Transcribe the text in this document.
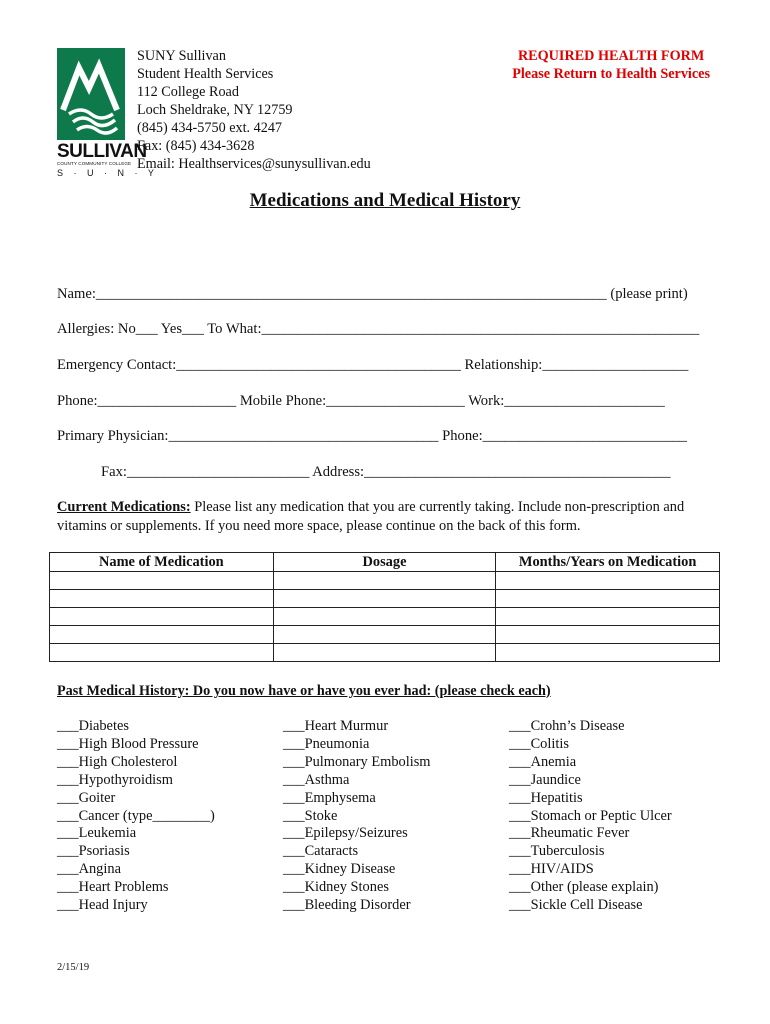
SULLIVAN
COUNTY COMMUNITY COLLEGE
S · U · N · Y
SUNY Sullivan
Student Health Services
112 College Road
Loch Sheldrake, NY 12759
(845) 434-5750 ext. 4247
Fax: (845) 434-3628
Email: Healthservices@sunysullivan.edu
REQUIRED HEALTH FORM
Please Return to Health Services
Medications and Medical History
Name:______________________________________________________________________ (please print)
Allergies: No___ Yes___ To What:____________________________________________________________
Emergency Contact:_______________________________________ Relationship:____________________
Phone:___________________ Mobile Phone:___________________ Work:______________________
Primary Physician:_____________________________________ Phone:____________________________
Fax:_________________________ Address:__________________________________________
Current Medications: Please list any medication that you are currently taking. Include non-prescription and vitamins or supplements. If you need more space, please continue on the back of this form.
Name of Medication	Dosage	Months/Years on Medication

Past Medical History: Do you now have or have you ever had: (please check each)
___Diabetes
___High Blood Pressure
___High Cholesterol
___Hypothyroidism
___Goiter
___Cancer (type________)
___Leukemia
___Psoriasis
___Angina
___Heart Problems
___Head Injury
___Heart Murmur
___Pneumonia
___Pulmonary Embolism
___Asthma
___Emphysema
___Stoke
___Epilepsy/Seizures
___Cataracts
___Kidney Disease
___Kidney Stones
___Bleeding Disorder
___Crohn’s Disease
___Colitis
___Anemia
___Jaundice
___Hepatitis
___Stomach or Peptic Ulcer
___Rheumatic Fever
___Tuberculosis
___HIV/AIDS
___Other (please explain)
___Sickle Cell Disease
2/15/19
